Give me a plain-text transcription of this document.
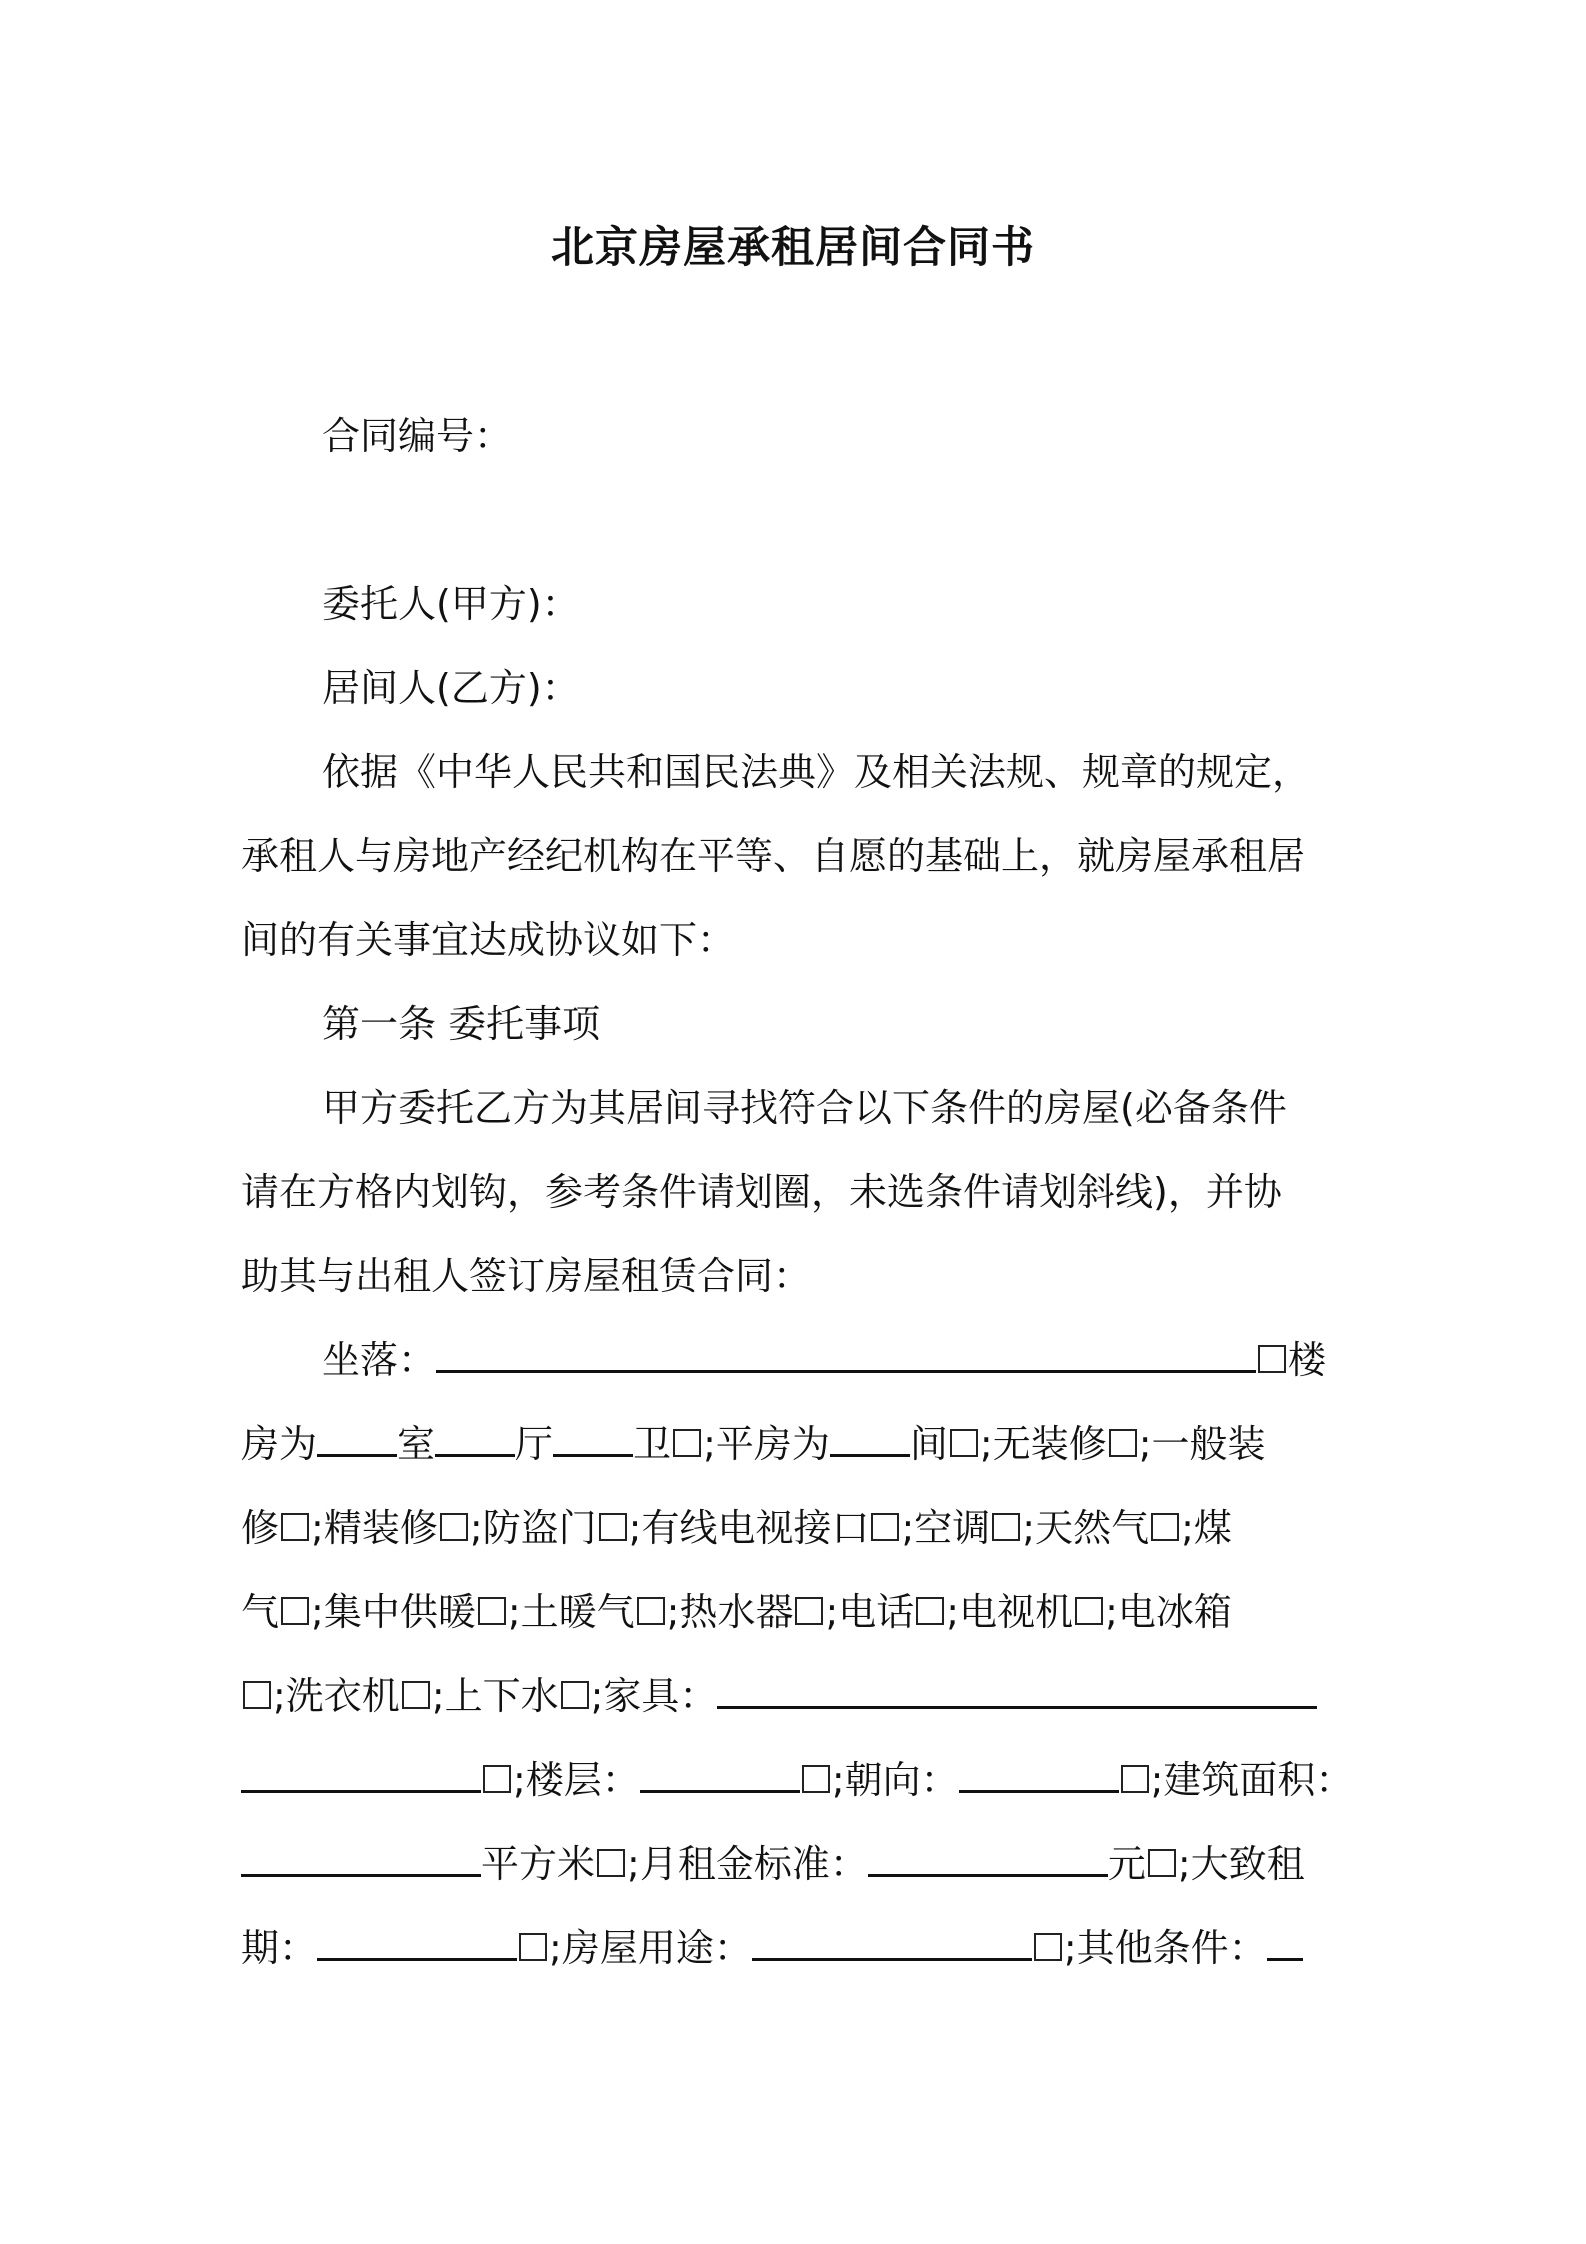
北京房屋承租居间合同书
合同编号：
委托人(甲方)：
居间人(乙方)：
依据《中华人民共和国民法典》及相关法规、规章的规定，
承租人与房地产经纪机构在平等、自愿的基础上，就房屋承租居
间的有关事宜达成协议如下：
第一条 委托事项
甲方委托乙方为其居间寻找符合以下条件的房屋(必备条件
请在方格内划钩，参考条件请划圈，未选条件请划斜线)，并协
助其与出租人签订房屋租赁合同：
坐落：	楼
房为 室 厅 卫 ;平房为 间 ;无装修 ;一般装
修 ;精装修 ;防盗门 ;有线电视接口 ;空调 ;天然气 ;煤
气 ;集中供暖 ;土暖气 ;热水器 ;电话 ;电视机 ;电冰箱
;洗衣机 ;上下水 ;家具：
;楼层：	;朝向：	;建筑面积：
平方米 ;月租金标准：	元 ;大致租
期：	;房屋用途：	;其他条件：
